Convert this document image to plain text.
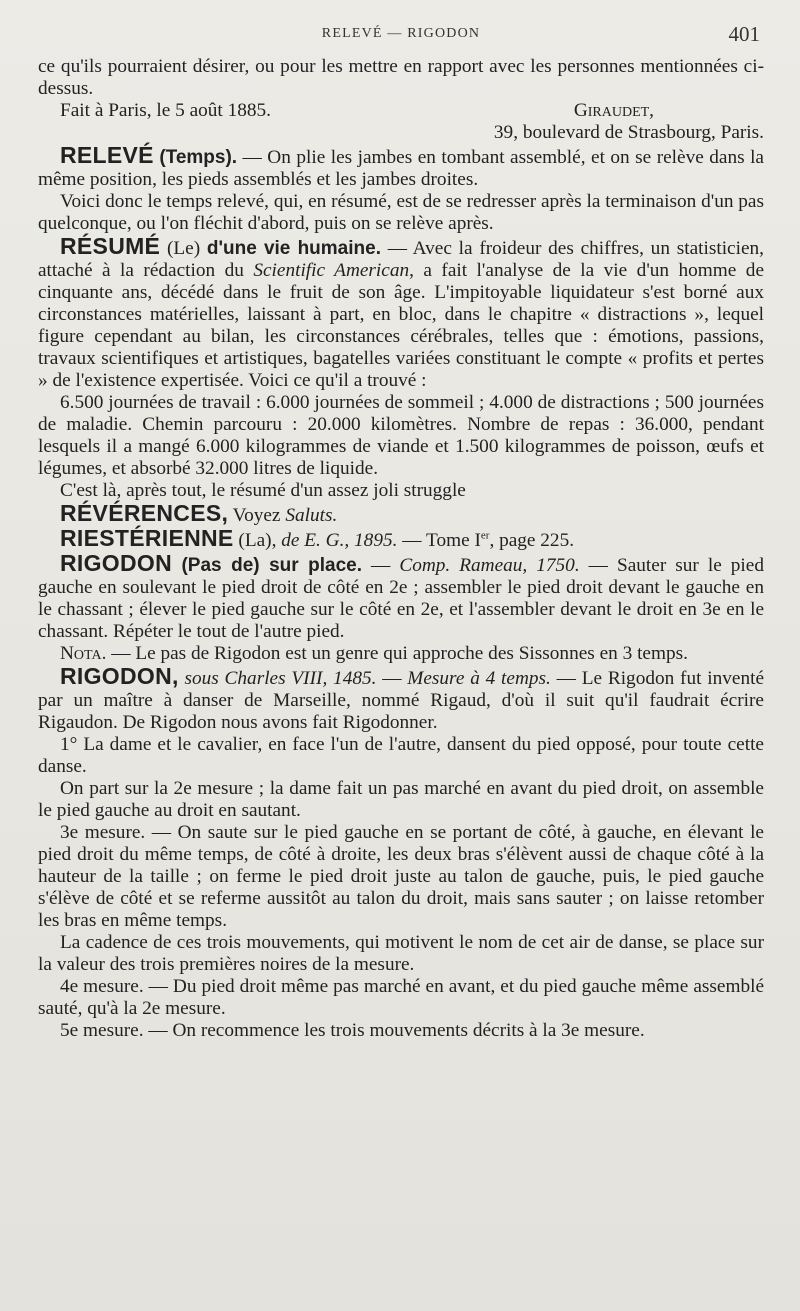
RELEVÉ — RIGODON	401

ce qu'ils pourraient désirer, ou pour les mettre en rapport avec les personnes mentionnées ci-dessus.

Fait à Paris, le 5 août 1885.	Giraudet,

39, boulevard de Strasbourg, Paris.

RELEVÉ (Temps). — On plie les jambes en tombant assemblé, et on se relève dans la même position, les pieds assemblés et les jambes droites.

Voici donc le temps relevé, qui, en résumé, est de se redresser après la terminaison d'un pas quelconque, ou l'on fléchit d'abord, puis on se relève après.

RÉSUMÉ (Le) d'une vie humaine. — Avec la froideur des chiffres, un statisticien, attaché à la rédaction du Scientific American, a fait l'analyse de la vie d'un homme de cinquante ans, décédé dans le fruit de son âge. L'impitoyable liquidateur s'est borné aux circonstances matérielles, laissant à part, en bloc, dans le chapitre « distractions », lequel figure cependant au bilan, les circonstances cérébrales, telles que : émotions, passions, travaux scientifiques et artistiques, bagatelles variées constituant le compte « profits et pertes » de l'existence expertisée. Voici ce qu'il a trouvé :

6.500 journées de travail : 6.000 journées de sommeil ; 4.000 de distractions ; 500 journées de maladie. Chemin parcouru : 20.000 kilomètres. Nombre de repas : 36.000, pendant lesquels il a mangé 6.000 kilogrammes de viande et 1.500 kilogrammes de poisson, œufs et légumes, et absorbé 32.000 litres de liquide.

C'est là, après tout, le résumé d'un assez joli struggle

RÉVÉRENCES, Voyez Saluts.

RIESTÉRIENNE (La), de E. G., 1895. — Tome Ier, page 225.

RIGODON (Pas de) sur place. — Comp. Rameau, 1750. — Sauter sur le pied gauche en soulevant le pied droit de côté en 2e ; assembler le pied droit devant le gauche en le chassant ; élever le pied gauche sur le côté en 2e, et l'assembler devant le droit en 3e en le chassant. Répéter le tout de l'autre pied.

Nota. — Le pas de Rigodon est un genre qui approche des Sissonnes en 3 temps.

RIGODON, sous Charles VIII, 1485. — Mesure à 4 temps. — Le Rigodon fut inventé par un maître à danser de Marseille, nommé Rigaud, d'où il suit qu'il faudrait écrire Rigaudon. De Rigodon nous avons fait Rigodonner.

1° La dame et le cavalier, en face l'un de l'autre, dansent du pied opposé, pour toute cette danse.

On part sur la 2e mesure ; la dame fait un pas marché en avant du pied droit, on assemble le pied gauche au droit en sautant.

3e mesure. — On saute sur le pied gauche en se portant de côté, à gauche, en élevant le pied droit du même temps, de côté à droite, les deux bras s'élèvent aussi de chaque côté à la hauteur de la taille ; on ferme le pied droit juste au talon de gauche, puis, le pied gauche s'élève de côté et se referme aussitôt au talon du droit, mais sans sauter ; on laisse retomber les bras en même temps.

La cadence de ces trois mouvements, qui motivent le nom de cet air de danse, se place sur la valeur des trois premières noires de la mesure.

4e mesure. — Du pied droit même pas marché en avant, et du pied gauche même assemblé sauté, qu'à la 2e mesure.

5e mesure. — On recommence les trois mouvements décrits à la 3e mesure.
